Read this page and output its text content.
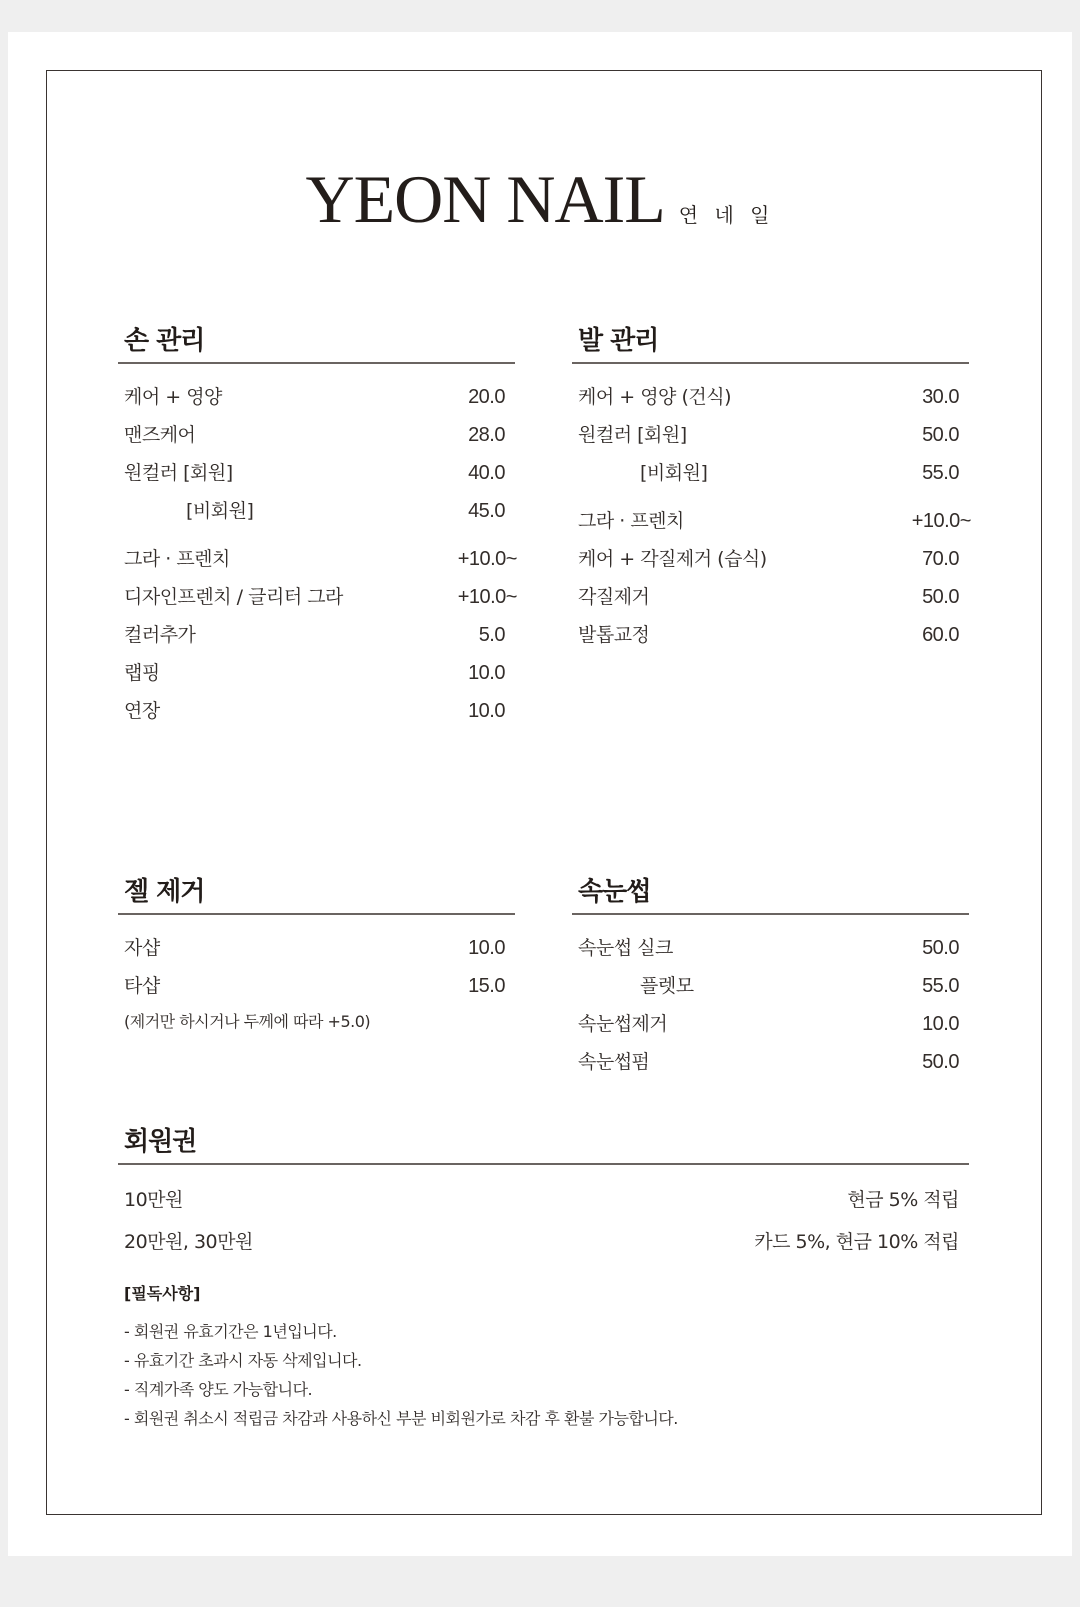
YEON NAIL 연 네 일
손 관리
케어 + 영양	20.0
맨즈케어	28.0
원컬러 [회원]	40.0
[비회원]	45.0
그라 · 프렌치	+10.0~
디자인프렌치 / 글리터 그라	+10.0~
컬러추가	5.0
랩핑	10.0
연장	10.0
발 관리
케어 + 영양 (건식)	30.0
원컬러 [회원]	50.0
[비회원]	55.0
그라 · 프렌치	+10.0~
케어 + 각질제거 (습식)	70.0
각질제거	50.0
발톱교정	60.0
젤 제거
자샵	10.0
타샵	15.0
(제거만 하시거나 두께에 따라 +5.0)
속눈썹
속눈썹 실크	50.0
플렛모	55.0
속눈썹제거	10.0
속눈썹펌	50.0
회원권
10만원	현금 5% 적립
20만원, 30만원	카드 5%, 현금 10% 적립
[필독사항]
- 회원권 유효기간은 1년입니다.
- 유효기간 초과시 자동 삭제입니다.
- 직계가족 양도 가능합니다.
- 회원권 취소시 적립금 차감과 사용하신 부분 비회원가로 차감 후 환불 가능합니다.
